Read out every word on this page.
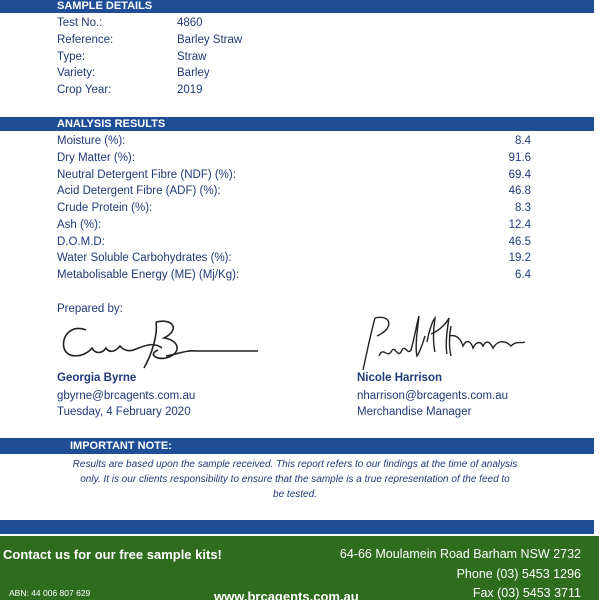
SAMPLE DETAILS
Test No.:	4860
Reference:	Barley Straw
Type:	Straw
Variety:	Barley
Crop Year:	2019
ANALYSIS RESULTS
Moisture (%):	8.4
Dry Matter (%):	91.6
Neutral Detergent Fibre (NDF) (%):	69.4
Acid Detergent Fibre (ADF) (%):	46.8
Crude Protein (%):	8.3
Ash (%):	12.4
D.O.M.D:	46.5
Water Soluble Carbohydrates (%):	19.2
Metabolisable Energy (ME) (Mj/Kg):	6.4
Prepared by:
Georgia Byrne
gbyrne@brcagents.com.au
Tuesday, 4 February 2020
Nicole Harrison
nharrison@brcagents.com.au
Merchandise Manager
IMPORTANT NOTE:
Results are based upon the sample received. This report refers to our findings at the time of analysis
only. It is our clients responsibility to ensure that the sample is a true representation of the feed to
be tested.
Contact us for our free sample kits!	64-66 Moulamein Road Barham NSW 2732
Phone (03) 5453 1296
Fax (03) 5453 3711
ABN: 44 006 807 629	www.brcagents.com.au
